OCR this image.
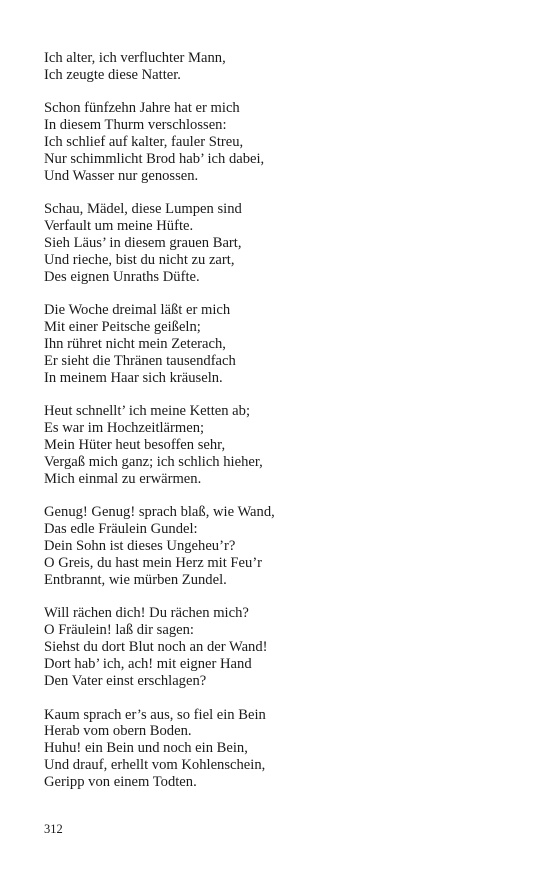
Ich alter, ich verfluchter Mann,
Ich zeugte diese Natter.
Schon fünfzehn Jahre hat er mich
In diesem Thurm verschlossen:
Ich schlief auf kalter, fauler Streu,
Nur schimmlicht Brod hab’ ich dabei,
Und Wasser nur genossen.
Schau, Mädel, diese Lumpen sind
Verfault um meine Hüfte.
Sieh Läus’ in diesem grauen Bart,
Und rieche, bist du nicht zu zart,
Des eignen Unraths Düfte.
Die Woche dreimal läßt er mich
Mit einer Peitsche geißeln;
Ihn rühret nicht mein Zeterach,
Er sieht die Thränen tausendfach
In meinem Haar sich kräuseln.
Heut schnellt’ ich meine Ketten ab;
Es war im Hochzeitlärmen;
Mein Hüter heut besoffen sehr,
Vergaß mich ganz; ich schlich hieher,
Mich einmal zu erwärmen.
Genug! Genug! sprach blaß, wie Wand,
Das edle Fräulein Gundel:
Dein Sohn ist dieses Ungeheu’r?
O Greis, du hast mein Herz mit Feu’r
Entbrannt, wie mürben Zundel.
Will rächen dich! Du rächen mich?
O Fräulein! laß dir sagen:
Siehst du dort Blut noch an der Wand!
Dort hab’ ich, ach! mit eigner Hand
Den Vater einst erschlagen?
Kaum sprach er’s aus, so fiel ein Bein
Herab vom obern Boden.
Huhu! ein Bein und noch ein Bein,
Und drauf, erhellt vom Kohlenschein,
Geripp von einem Todten.
312
